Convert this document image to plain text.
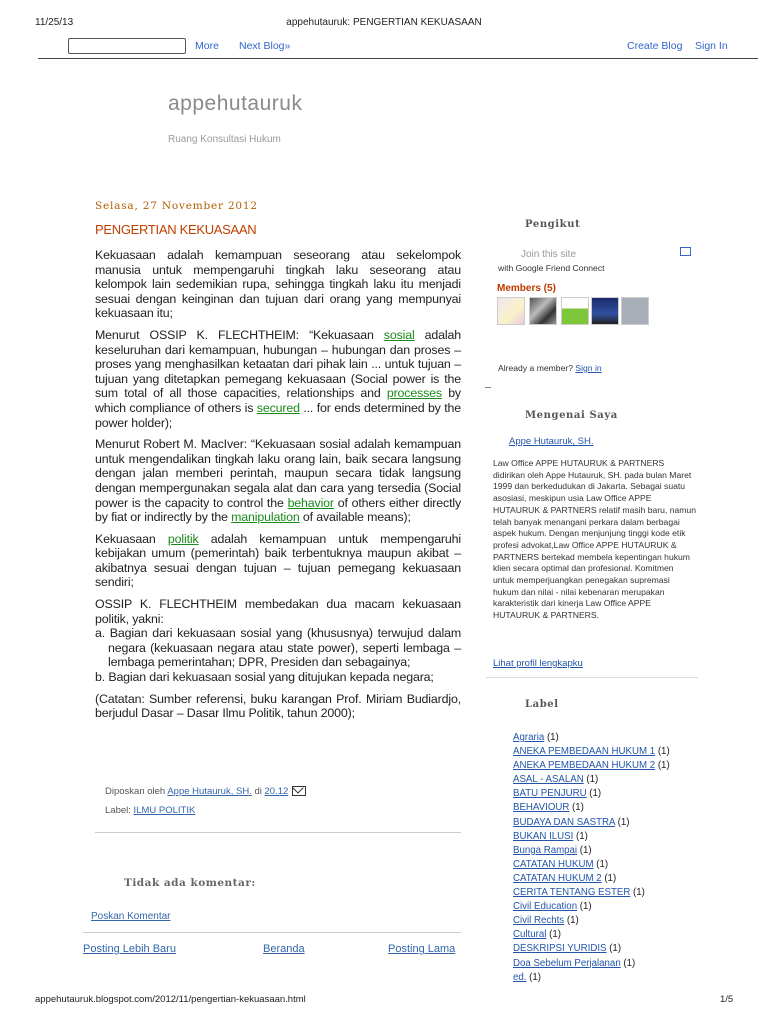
11/25/13	appehutauruk: PENGERTIAN KEKUASAAN
More Next Blog»	Create Blog Sign In
appehutauruk
Ruang Konsultasi Hukum
Selasa, 27 November 2012
PENGERTIAN KEKUASAAN

Kekuasaan adalah kemampuan seseorang atau sekelompok manusia untuk mempengaruhi tingkah laku seseorang atau kelompok lain sedemikian rupa, sehingga tingkah laku itu menjadi sesuai dengan keinginan dan tujuan dari orang yang mempunyai kekuasaan itu;

Menurut OSSIP K. FLECHTHEIM: “Kekuasaan sosial adalah keseluruhan dari kemampuan, hubungan – hubungan dan proses – proses yang menghasilkan ketaatan dari pihak lain ... untuk tujuan – tujuan yang ditetapkan pemegang kekuasaan (Social power is the sum total of all those capacities, relationships and processes by which compliance of others is secured ... for ends determined by the power holder);

Menurut Robert M. MacIver: “Kekuasaan sosial adalah kemampuan untuk mengendalikan tingkah laku orang lain, baik secara langsung dengan jalan memberi perintah, maupun secara tidak langsung dengan mempergunakan segala alat dan cara yang tersedia (Social power is the capacity to control the behavior of others either directly by fiat or indirectly by the manipulation of available means);

Kekuasaan politik adalah kemampuan untuk mempengaruhi kebijakan umum (pemerintah) baik terbentuknya maupun akibat – akibatnya sesuai dengan tujuan – tujuan pemegang kekuasaan sendiri;

OSSIP K. FLECHTHEIM membedakan dua macam kekuasaan politik, yakni:

a. Bagian dari kekuasaan sosial yang (khususnya) terwujud dalam negara (kekuasaan negara atau state power), seperti lembaga – lembaga pemerintahan; DPR, Presiden dan sebagainya;
b. Bagian dari kekuasaan sosial yang ditujukan kepada negara;

(Catatan: Sumber referensi, buku karangan Prof. Miriam Budiardjo, berjudul Dasar – Dasar Ilmu Politik, tahun 2000);

Diposkan oleh Appe Hutauruk, SH. di 20.12
Label: ILMU POLITIK
Tidak ada komentar:
Poskan Komentar
Posting Lebih Baru	Beranda	Posting Lama
Pengikut
Join this site
with Google Friend Connect
Members (5)
Already a member? Sign in
Mengenai Saya
Appe Hutauruk, SH.
Law Office APPE HUTAURUK & PARTNERS didirikan oleh Appe Hutauruk, SH. pada bulan Maret 1999 dan berkedudukan di Jakarta. Sebagai suatu asosiasi, meskipun usia Law Office APPE HUTAURUK & PARTNERS relatif masih baru, namun telah banyak menangani perkara dalam berbagai aspek hukum. Dengan menjunjung tinggi kode etik profesi advokat,Law Office APPE HUTAURUK & PARTNERS bertekad membela kepentingan hukum klien secara optimal dan profesional. Komitmen untuk memperjuangkan penegakan supremasi hukum dan nilai - nilai kebenaran merupakan karakteristik dari kinerja Law Office APPE HUTAURUK & PARTNERS.
Lihat profil lengkapku
Label
Agraria (1)
ANEKA PEMBEDAAN HUKUM 1 (1)
ANEKA PEMBEDAAN HUKUM 2 (1)
ASAL - ASALAN (1)
BATU PENJURU (1)
BEHAVIOUR (1)
BUDAYA DAN SASTRA (1)
BUKAN ILUSI (1)
Bunga Rampai (1)
CATATAN HUKUM (1)
CATATAN HUKUM 2 (1)
CERITA TENTANG ESTER (1)
Civil Education (1)
Civil Rechts (1)
Cultural (1)
DESKRIPSI YURIDIS (1)
Doa Sebelum Perjalanan (1)
ed. (1)
appehutauruk.blogspot.com/2012/11/pengertian-kekuasaan.html	1/5
